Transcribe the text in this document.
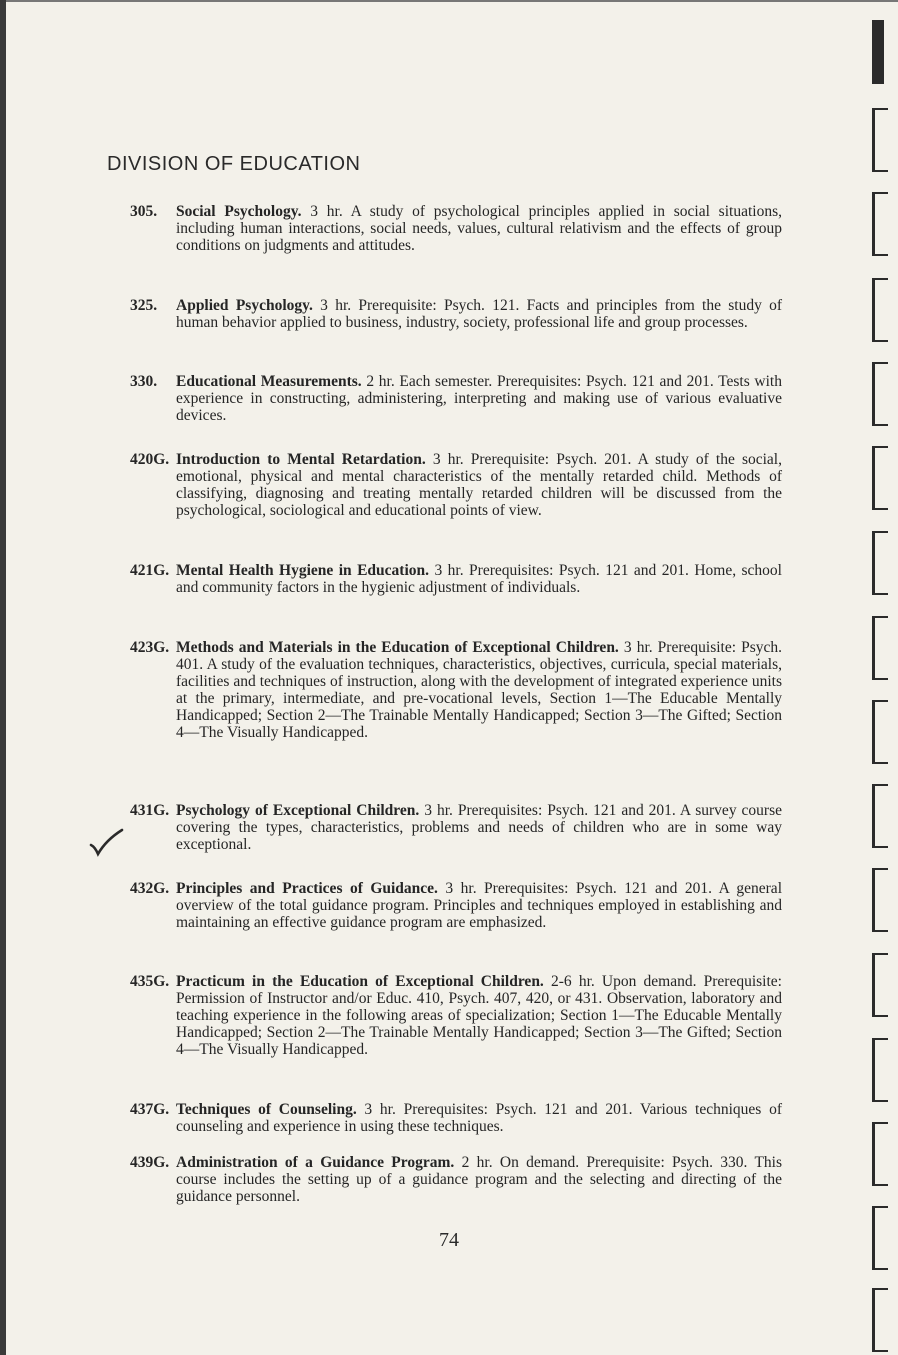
DIVISION OF EDUCATION
305.	Social Psychology. 3 hr. A study of psychological principles applied in social situations, including human interactions, social needs, values, cultural relativism and the effects of group conditions on judgments and attitudes.
325.	Applied Psychology. 3 hr. Prerequisite: Psych. 121. Facts and principles from the study of human behavior applied to business, industry, society, professional life and group processes.
330.	Educational Measurements. 2 hr. Each semester. Prerequisites: Psych. 121 and 201. Tests with experience in constructing, administering, interpreting and making use of various evaluative devices.
420G. Introduction to Mental Retardation. 3 hr. Prerequisite: Psych. 201. A study of the social, emotional, physical and mental characteristics of the mentally retarded child. Methods of classifying, diagnosing and treating mentally retarded children will be discussed from the psychological, sociological and educational points of view.
421G. Mental Health Hygiene in Education. 3 hr. Prerequisites: Psych. 121 and 201. Home, school and community factors in the hygienic adjustment of individuals.
423G. Methods and Materials in the Education of Exceptional Children. 3 hr. Prerequisite: Psych. 401. A study of the evaluation techniques, characteristics, objectives, curricula, special materials, facilities and techniques of instruction, along with the development of integrated experience units at the primary, intermediate, and pre-vocational levels, Section 1—The Educable Mentally Handicapped; Section 2—The Trainable Mentally Handicapped; Section 3—The Gifted; Section 4—The Visually Handicapped.
431G. Psychology of Exceptional Children. 3 hr. Prerequisites: Psych. 121 and 201. A survey course covering the types, characteristics, problems and needs of children who are in some way exceptional.
432G. Principles and Practices of Guidance. 3 hr. Prerequisites: Psych. 121 and 201. A general overview of the total guidance program. Principles and techniques employed in establishing and maintaining an effective guidance program are emphasized.
435G. Practicum in the Education of Exceptional Children. 2-6 hr. Upon demand. Prerequisite: Permission of Instructor and/or Educ. 410, Psych. 407, 420, or 431. Observation, laboratory and teaching experience in the following areas of specialization; Section 1—The Educable Mentally Handicapped; Section 2—The Trainable Mentally Handicapped; Section 3—The Gifted; Section 4—The Visually Handicapped.
437G. Techniques of Counseling. 3 hr. Prerequisites: Psych. 121 and 201. Various techniques of counseling and experience in using these techniques.
439G. Administration of a Guidance Program. 2 hr. On demand. Prerequisite: Psych. 330. This course includes the setting up of a guidance program and the selecting and directing of the guidance personnel.
74
